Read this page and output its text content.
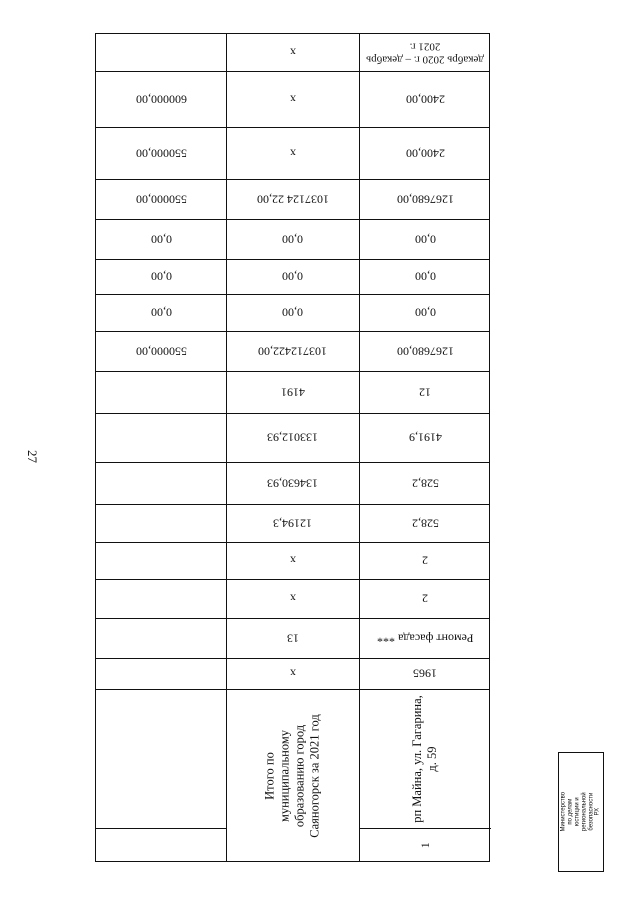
27
x	декабрь 2020 г. – декабрь 2021 г.
600000,00	x	2400,00
550000,00	x	2400,00
550000,00	1037124 22,00	1267680,00
0,00	0,00	0,00
0,00	0,00	0,00
0,00	0,00	0,00
550000,00	103712422,00	1267680,00
4191	12
133012,93	4191,9
134630,93	528,2
12194,3	528,2
x	2
x	2
13	Ремонт фасада ***
x	1965
Итого по муниципальному образованию город Саяногорск за 2021 год	рп Майна, ул. Гагарина, д. 59
1
Министерство по делам юстиции и региональной безопасности РХ
